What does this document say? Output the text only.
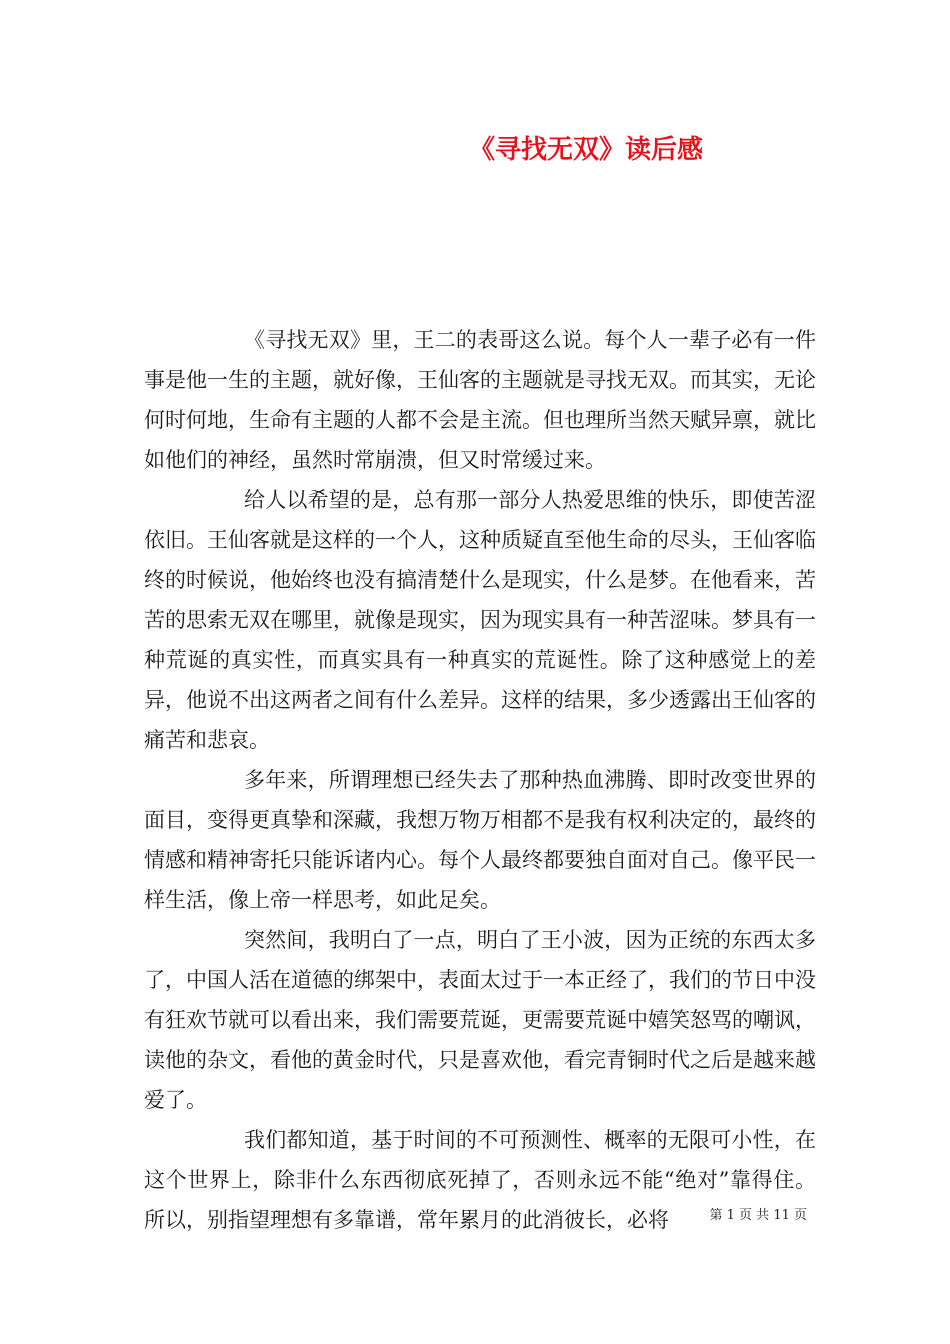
《寻找无双》读后感

《寻找无双》里，王二的表哥这么说。每个人一辈子必有一件事是他一生的主题，就好像，王仙客的主题就是寻找无双。而其实，无论何时何地，生命有主题的人都不会是主流。但也理所当然天赋异禀，就比如他们的神经，虽然时常崩溃，但又时常缓过来。

给人以希望的是，总有那一部分人热爱思维的快乐，即使苦涩依旧。王仙客就是这样的一个人，这种质疑直至他生命的尽头，王仙客临终的时候说，他始终也没有搞清楚什么是现实，什么是梦。在他看来，苦苦的思索无双在哪里，就像是现实，因为现实具有一种苦涩味。梦具有一种荒诞的真实性，而真实具有一种真实的荒诞性。除了这种感觉上的差异，他说不出这两者之间有什么差异。这样的结果，多少透露出王仙客的痛苦和悲哀。

多年来，所谓理想已经失去了那种热血沸腾、即时改变世界的面目，变得更真挚和深藏，我想万物万相都不是我有权利决定的，最终的情感和精神寄托只能诉诸内心。每个人最终都要独自面对自己。像平民一样生活，像上帝一样思考，如此足矣。

突然间，我明白了一点，明白了王小波，因为正统的东西太多了，中国人活在道德的绑架中，表面太过于一本正经了，我们的节日中没有狂欢节就可以看出来，我们需要荒诞，更需要荒诞中嬉笑怒骂的嘲讽，读他的杂文，看他的黄金时代，只是喜欢他，看完青铜时代之后是越来越爱了。

我们都知道，基于时间的不可预测性、概率的无限可小性，在这个世界上，除非什么东西彻底死掉了，否则永远不能“绝对”靠得住。所以，别指望理想有多靠谱，常年累月的此消彼长，必将	第 1 页 共 11 页
